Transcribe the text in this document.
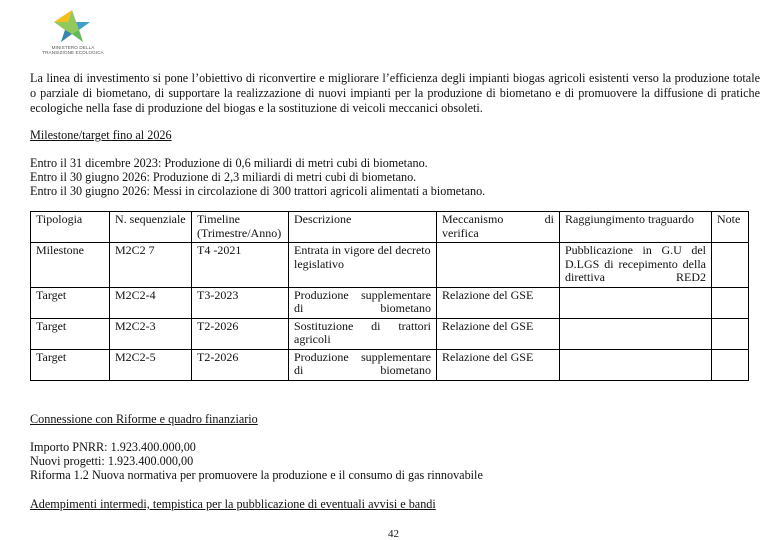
MINISTERO DELLA
TRANSIZIONE ECOLOGICA

La linea di investimento si pone l’obiettivo di riconvertire e migliorare l’efficienza degli impianti biogas agricoli esistenti verso la produzione totale o parziale di biometano, di supportare la realizzazione di nuovi impianti per la produzione di biometano e di promuovere la diffusione di pratiche ecologiche nella fase di produzione del biogas e la sostituzione di veicoli meccanici obsoleti.

Milestone/target fino al 2026

Entro il 31 dicembre 2023: Produzione di 0,6 miliardi di metri cubi di biometano.

Entro il 30 giugno 2026: Produzione di 2,3 miliardi di metri cubi di biometano.

Entro il 30 giugno 2026: Messi in circolazione di 300 trattori agricoli alimentati a biometano.

Tipologia	N. sequenziale	Timeline (Trimestre/Anno)	Descrizione	Meccanismo di verifica	Raggiungimento traguardo	Note
Milestone	M2C2 7	T4 -2021	Entrata in vigore del decreto legislativo		Pubblicazione in G.U del D.LGS di recepimento della direttiva RED2	
Target	M2C2-4	T3-2023	Produzione supplementare di biometano	Relazione del GSE		
Target	M2C2-3	T2-2026	Sostituzione di trattori agricoli	Relazione del GSE		
Target	M2C2-5	T2-2026	Produzione supplementare di biometano	Relazione del GSE		

Connessione con Riforme e quadro finanziario

Importo PNRR: 1.923.400.000,00

Nuovi progetti: 1.923.400.000,00

Riforma 1.2 Nuova normativa per promuovere la produzione e il consumo di gas rinnovabile

Adempimenti intermedi, tempistica per la pubblicazione di eventuali avvisi e bandi

42
